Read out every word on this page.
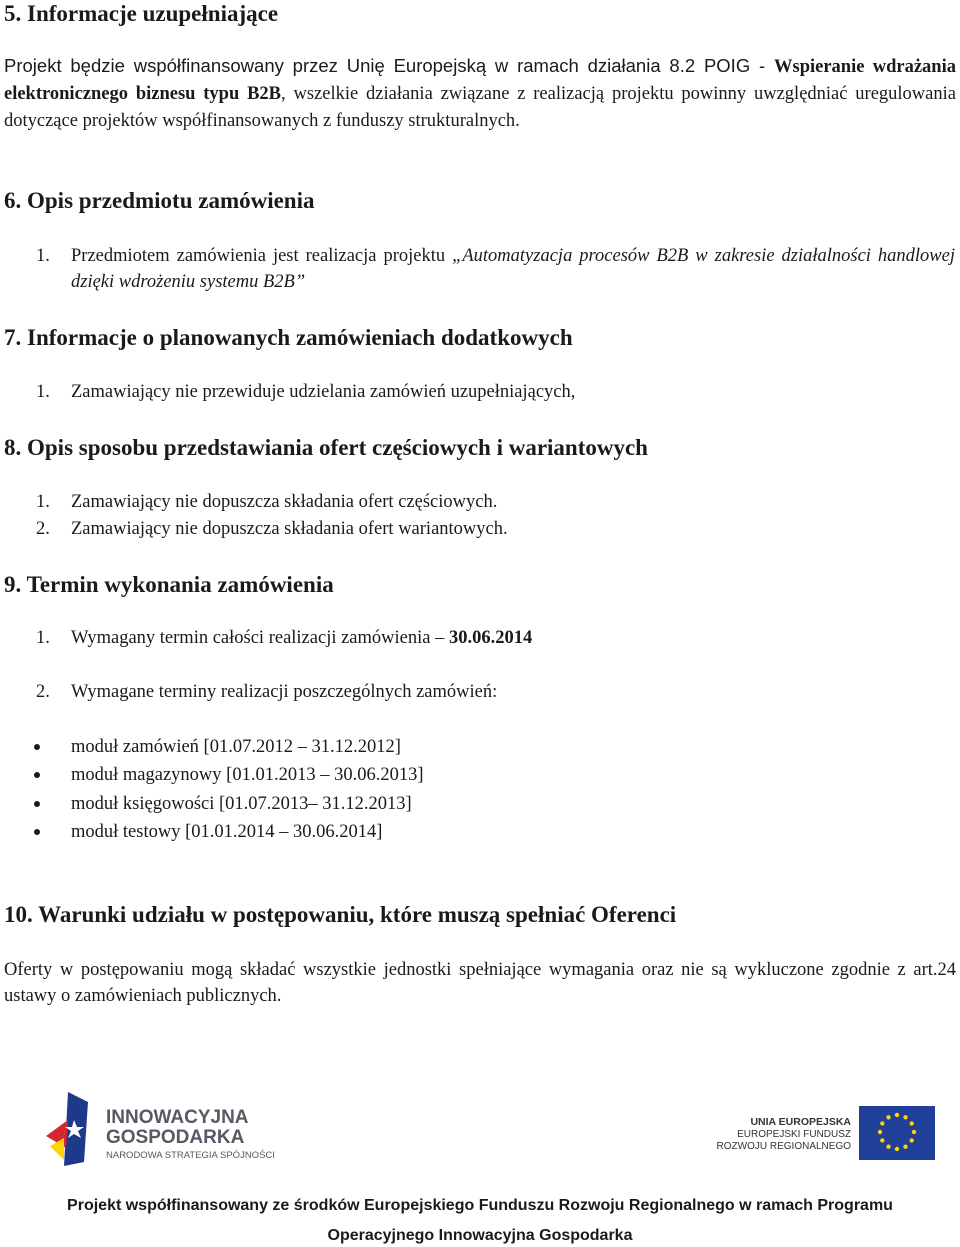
5. Informacje uzupełniające

Projekt będzie współfinansowany przez Unię Europejską w ramach działania 8.2 POIG - Wspieranie wdrażania elektronicznego biznesu typu B2B, wszelkie działania związane z realizacją projektu powinny uwzględniać uregulowania dotyczące projektów współfinansowanych z funduszy strukturalnych.

6. Opis przedmiotu zamówienia
1. Przedmiotem zamówienia jest realizacja projektu „Automatyzacja procesów B2B w zakresie działalności handlowej dzięki wdrożeniu systemu B2B”

7. Informacje o planowanych zamówieniach dodatkowych
1. Zamawiający nie przewiduje udzielania zamówień uzupełniających,
8. Opis sposobu przedstawiania ofert częściowych i wariantowych
1. Zamawiający nie dopuszcza składania ofert częściowych.
2. Zamawiający nie dopuszcza składania ofert wariantowych.
9. Termin wykonania zamówienia
1. Wymagany termin całości realizacji zamówienia – 30.06.2014
2. Wymagane terminy realizacji poszczególnych zamówień:
moduł zamówień [01.07.2012 – 31.12.2012]
moduł magazynowy [01.01.2013 – 30.06.2013]
moduł księgowości [01.07.2013– 31.12.2013]
moduł testowy [01.01.2014 – 30.06.2014]
10. Warunki udziału w postępowaniu, które muszą spełniać Oferenci

Oferty w postępowaniu mogą składać wszystkie jednostki spełniające wymagania oraz nie są wykluczone zgodnie z art.24 ustawy o zamówieniach publicznych.

INNOWACYJNA
GOSPODARKA
NARODOWA STRATEGIA SPÓJNOŚCI
UNIA EUROPEJSKA
EUROPEJSKI FUNDUSZ
ROZWOJU REGIONALNEGO
Projekt współfinansowany ze środków Europejskiego Funduszu Rozwoju Regionalnego w ramach Programu
Operacyjnego Innowacyjna Gospodarka
